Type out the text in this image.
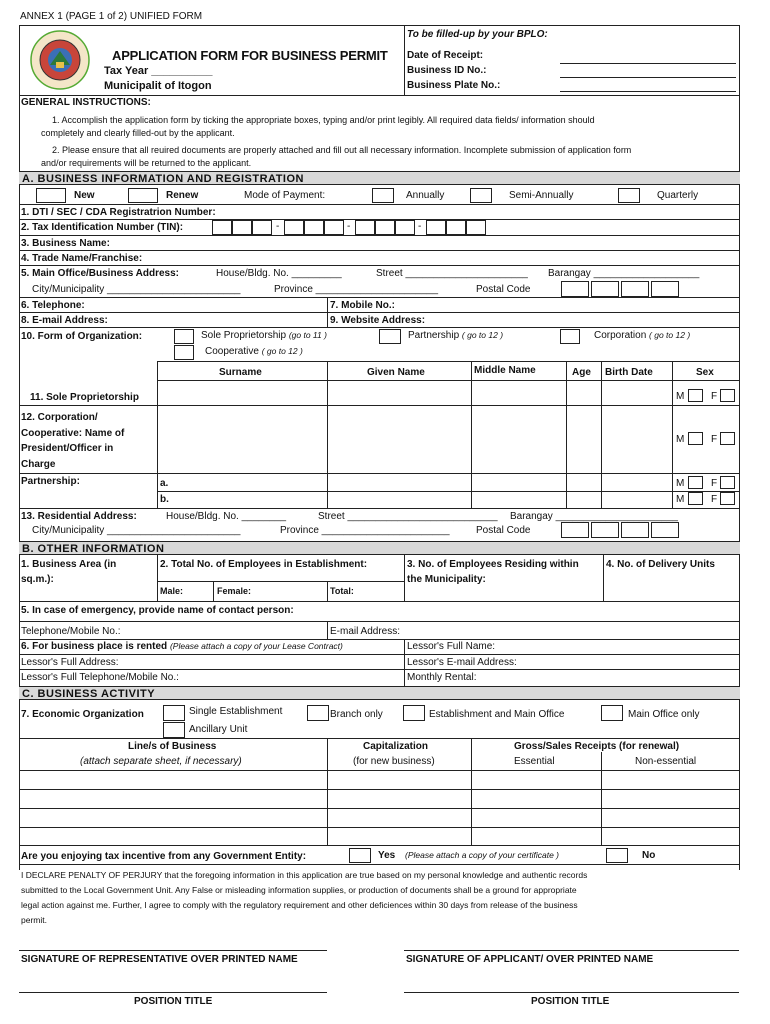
ANNEX 1 (PAGE 1 of 2) UNIFIED FORM
APPLICATION FORM FOR BUSINESS PERMIT
Tax Year __________
Municipalit of Itogon
To be filled-up by your BPLO:
Date of Receipt:
Business ID No.:
Business Plate No.:
GENERAL INSTRUCTIONS:
1. Accomplish the application form by ticking the appropriate boxes, typing and/or print legibly. All required data fields/ information should
completely and clearly filled-out by the applicant.
2. Please ensure that all reuired documents are properly attached and fill out all necessary information. Incomplete submission of application form
and/or requirements will be returned to the applicant.
A. BUSINESS INFORMATION AND REGISTRATION
New	Renew	Mode of Payment:	Annually	Semi-Annually	Quarterly
1. DTI / SEC / CDA Registratrion Number:
2. Tax Identification Number (TIN):	-	-	-
3. Business Name:
4. Trade Name/Franchise:
5. Main Office/Business Address:	House/Bldg. No. _________	Street ______________________ Barangay ___________________
City/Municipality ________________________	Province ______________________	Postal Code
6. Telephone:	7. Mobile No.:
8. E-mail Address:	9. Website Address:
10. Form of Organization:	Sole Proprietorship (go to 11 )	Partnership ( go to 12 )	Corporation ( go to 12 )
Cooperative ( go to 12 )
Surname	Given Name	Middle Name	Age Birth Date	Sex
11. Sole Proprietorship	M	F
12. Corporation/
Cooperative: Name of
President/Officer in
Charge
M	F
Partnership:	a.	M	F
b.	M	F
13. Residential Address:	House/Bldg. No. ________	Street ___________________________ Barangay ______________________
City/Municipality ________________________	Province _______________________	Postal Code
B. OTHER INFORMATION
1. Business Area (in
sq.m.):
2. Total No. of Employees in Establishment:
Male:	Female:	Total:
3. No. of Employees Residing within
the Municipality:
4. No. of Delivery Units
5. In case of emergency, provide name of contact person:
Telephone/Mobile No.:	E-mail Address:
6. For business place is rented (Please attach a copy of your Lease Contract)	Lessor's Full Name:
Lessor's Full Address:	Lessor's E-mail Address:
Lessor's Full Telephone/Mobile No.:	Monthly Rental:
C. BUSINESS ACTIVITY
7. Economic Organization	Single Establishment	Branch only	Establishment and Main Office	Main Office only
Ancillary Unit
Line/s of Business
(attach separate sheet, if necessary)
Capitalization
(for new business)
Gross/Sales Receipts (for renewal)
Essential	Non-essential
Are you enjoying tax incentive from any Government Entity:	Yes (Please attach a copy of your certificate )	No
I DECLARE PENALTY OF PERJURY that the foregoing information in this application are true based on my personal knowledge and authentic records
submitted to the Local Government Unit. Any False or misleading information supplies, or production of documents shall be a ground for appropriate
legal action against me. Further, I agree to comply with the regulatory requirement and other deficiences within 30 days from release of the business
permit.
SIGNATURE OF REPRESENTATIVE OVER PRINTED NAME	SIGNATURE OF APPLICANT/ OVER PRINTED NAME
POSITION TITLE	POSITION TITLE
